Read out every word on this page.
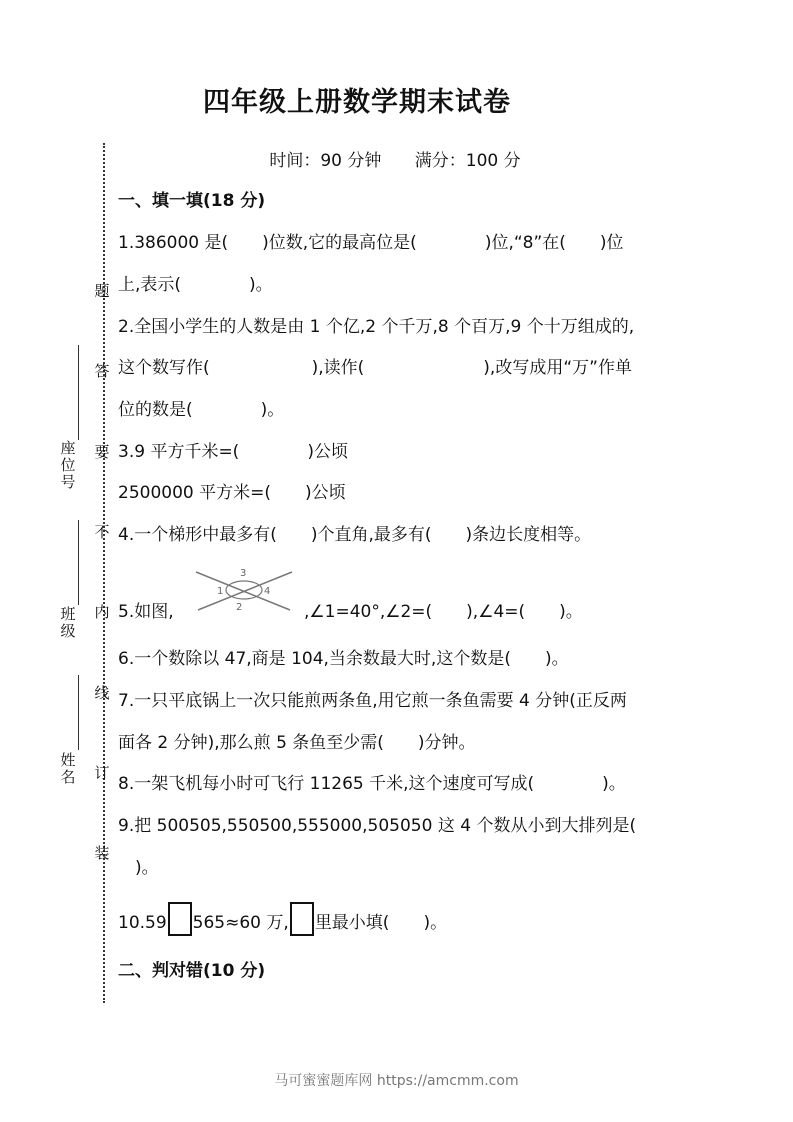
四年级上册数学期末试卷
时间：90 分钟 满分：100 分
题
答
要
不
内
线
订
装
座位号
班级
姓名
一、填一填(18 分)
1.386000 是(　　)位数,它的最高位是(　　　　)位,“8”在(　　)位
上,表示(　　　　)。
2.全国小学生的人数是由 1 个亿,2 个千万,8 个百万,9 个十万组成的,
这个数写作(　　　　　　),读作(　　　　　　　),改写成用“万”作单
位的数是(　　　　)。
3.9 平方千米=(　　　　)公顷
2500000 平方米=(　　)公顷
4.一个梯形中最多有(　　)个直角,最多有(　　)条边长度相等。
5.如图,
3
1	4
2	,∠1=40°,∠2=(　　),∠4=(　　)。
6.一个数除以 47,商是 104,当余数最大时,这个数是(　　)。
7.一只平底锅上一次只能煎两条鱼,用它煎一条鱼需要 4 分钟(正反两
面各 2 分钟),那么煎 5 条鱼至少需(　　)分钟。
8.一架飞机每小时可飞行 11265 千米,这个速度可写成(　　　　)。
9.把 500505,550500,555000,505050 这 4 个数从小到大排列是(
　)。
10.59 565≈60 万, 里最小填(　　)。
二、判对错(10 分)
马可蜜蜜题库网 https://amcmm.com
